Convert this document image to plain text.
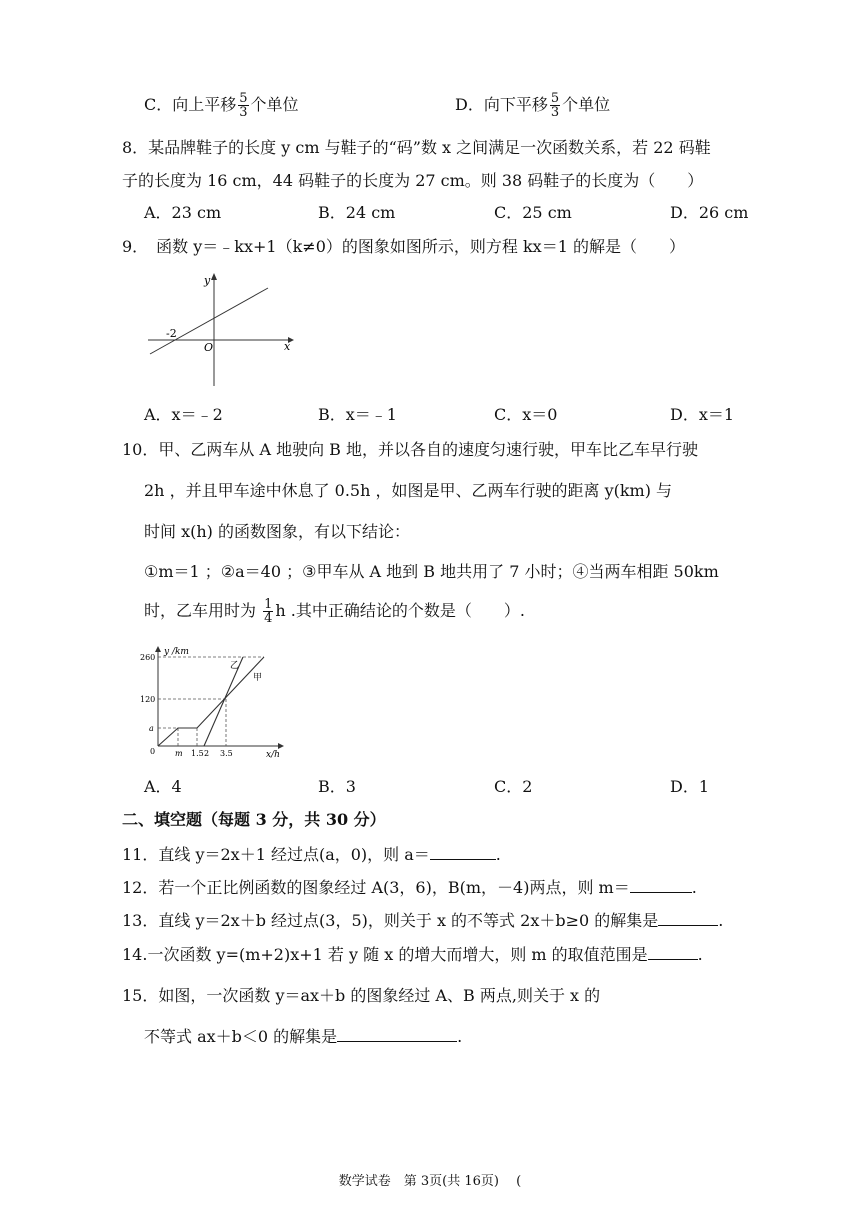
C．向上平移 $\frac{5}{3}$ 个单位	D．向下平移 $\frac{5}{3}$ 个单位
8．某品牌鞋子的长度 y cm 与鞋子的“码”数 x 之间满足一次函数关系，若 22 码鞋
子的长度为 16 cm，44 码鞋子的长度为 27 cm。则 38 码鞋子的长度为（　　）
A．23 cm	B．24 cm	C．25 cm	D．26 cm
9．　函数 y＝﹣kx+1（k≠0）的图象如图所示，则方程 kx＝1 的解是（　　）
x
y
O
-2
A．x＝﹣2	B．x＝﹣1	C．x＝0	D．x＝1
10．甲、乙两车从 A 地驶向 B 地，并以各自的速度匀速行驶，甲车比乙车早行驶
2h ，并且甲车途中休息了 0.5h ，如图是甲、乙两车行驶的距离 y(km) 与
时间 x(h) 的函数图象，有以下结论：
①m＝1 ；②a＝40 ；③甲车从 A 地到 B 地共用了 7 小时；④当两车相距 50km
时，乙车用时为 $\frac{1}{4}$ h .其中正确结论的个数是（　　）.
y /km
x/h
260
120
a
0 m 1.5 2 3.5
乙
甲
A．4	B．3	C．2	D．1
二、填空题（每题 3 分，共 30 分）
11．直线 y＝2x＋1 经过点(a，0)，则 a＝	.
12．若一个正比例函数的图象经过 A(3，6)，B(m，－4)两点，则 m＝	.
13．直线 y＝2x＋b 经过点(3，5)，则关于 x 的不等式 2x＋b≥0 的解集是	.
14.一次函数 y=(m+2)x+1 若 y 随 x 的增大而增大，则 m 的取值范围是	.
15．如图，一次函数 y＝ax＋b 的图象经过 A、B 两点,则关于 x 的
不等式 ax＋b＜0 的解集是	.
数学试卷　第 3页(共 16页)　 (
